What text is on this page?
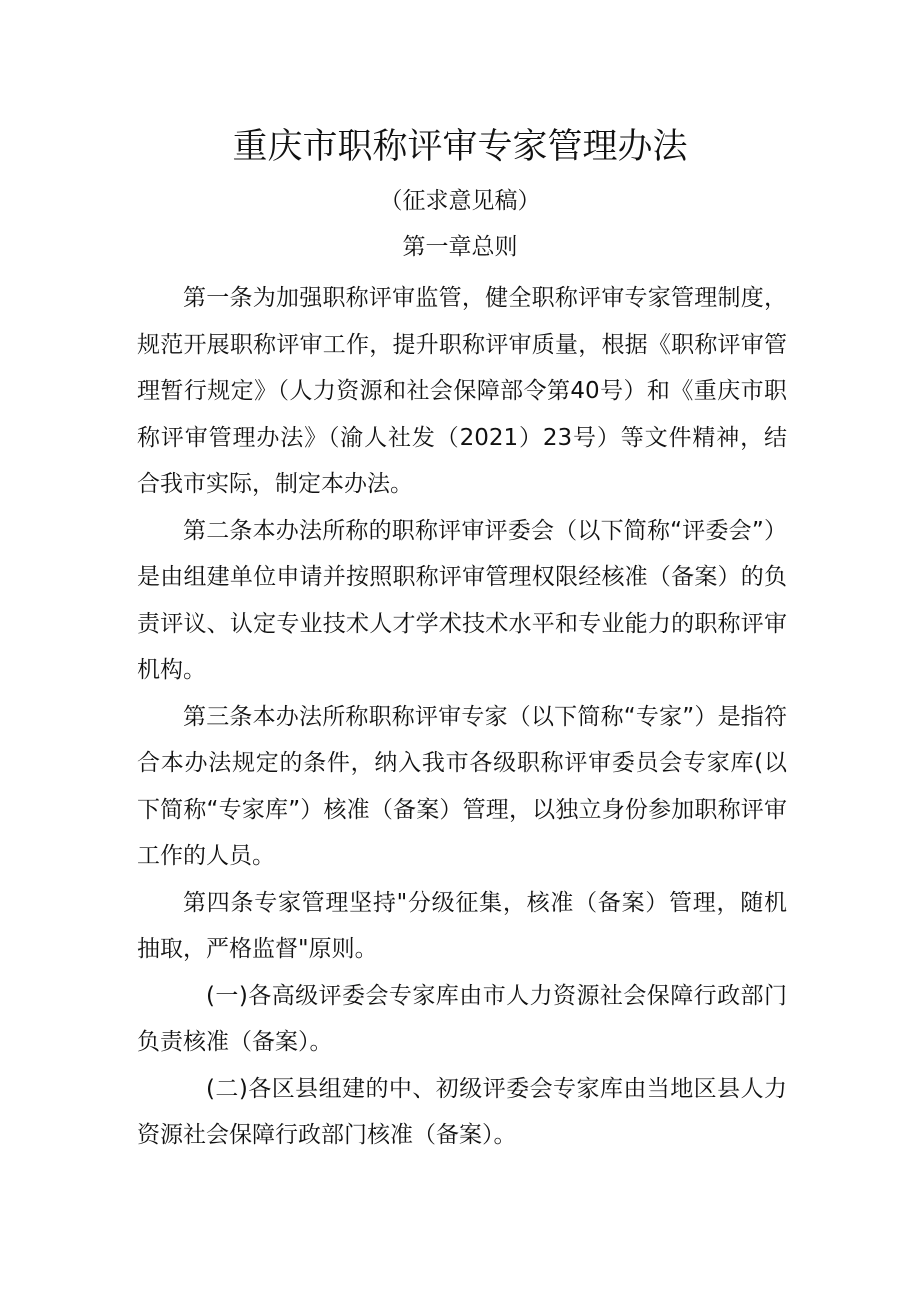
重庆市职称评审专家管理办法

（征求意见稿）

第一章总则

第一条为加强职称评审监管，健全职称评审专家管理制度，规范开展职称评审工作，提升职称评审质量，根据《职称评审管理暂行规定》（人力资源和社会保障部令第40号）和《重庆市职称评审管理办法》（渝人社发（2021）23号）等文件精神，结合我市实际，制定本办法。

第二条本办法所称的职称评审评委会（以下简称“评委会”）是由组建单位申请并按照职称评审管理权限经核准（备案）的负责评议、认定专业技术人才学术技术水平和专业能力的职称评审机构。

第三条本办法所称职称评审专家（以下简称“专家”）是指符合本办法规定的条件，纳入我市各级职称评审委员会专家库(以下简称“专家库”）核准（备案）管理，以独立身份参加职称评审工作的人员。

第四条专家管理坚持"分级征集，核准（备案）管理，随机抽取，严格监督"原则。

(一)各高级评委会专家库由市人力资源社会保障行政部门负责核准（备案）。

(二)各区县组建的中、初级评委会专家库由当地区县人力资源社会保障行政部门核准（备案）。
